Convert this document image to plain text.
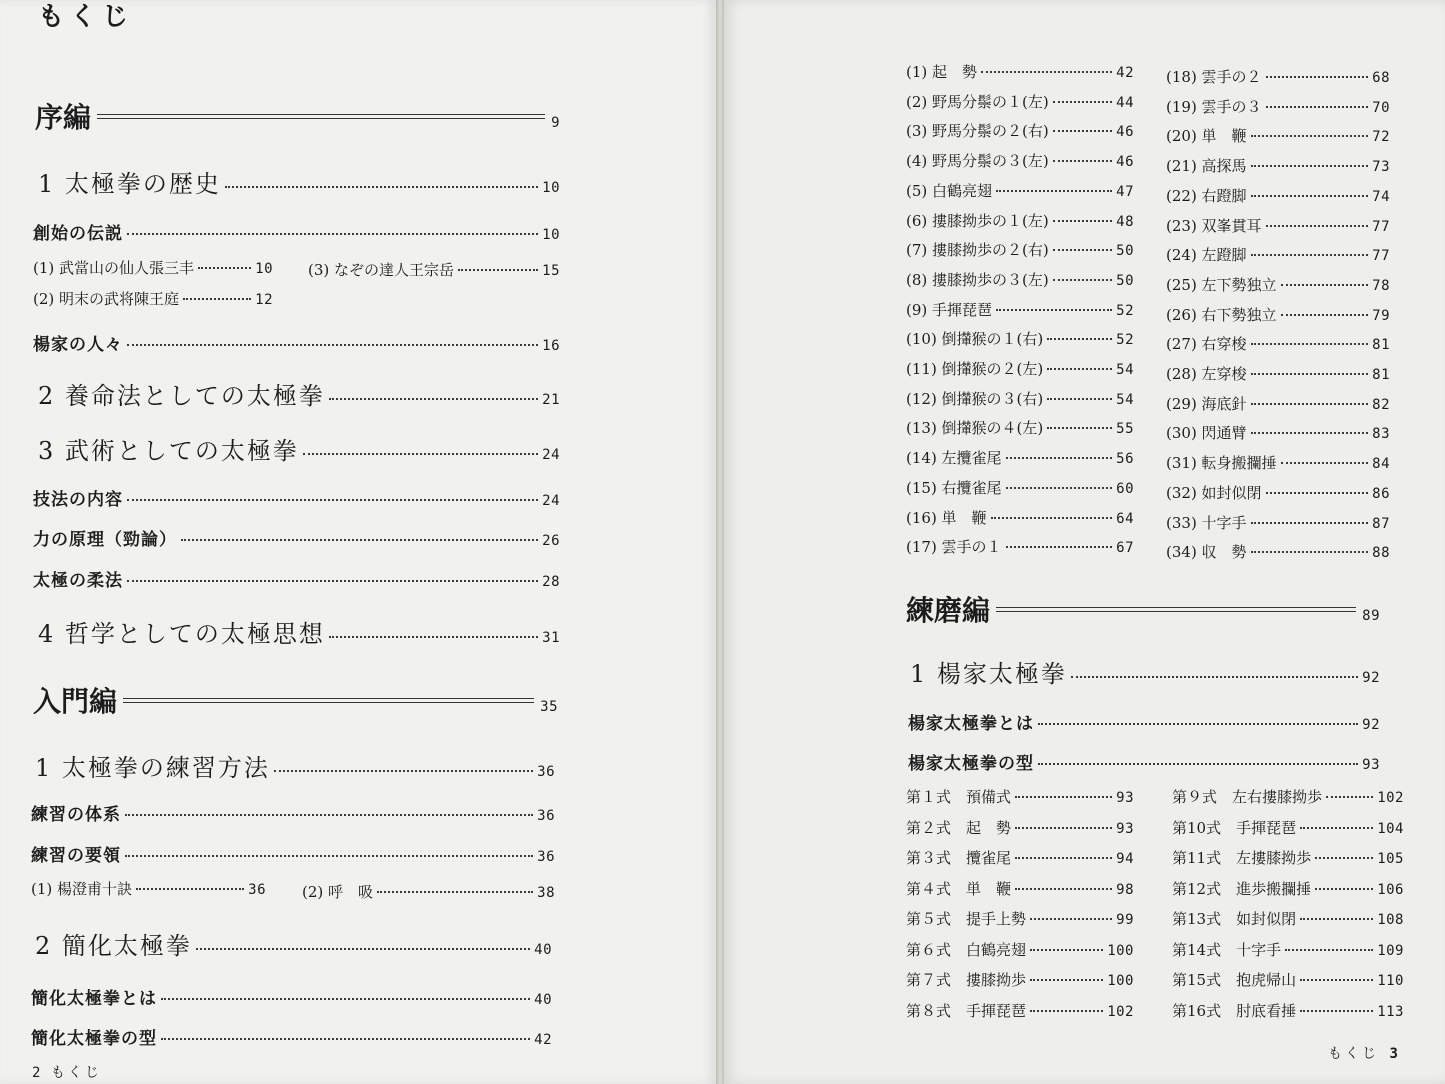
もくじ
序編	9
1 太極拳の歴史	10
創始の伝説	10
(1) 武當山の仙人張三丰	10 (3) なぞの達人王宗岳	15
(2) 明末の武将陳王庭	12
楊家の人々	16
2 養命法としての太極拳	21
3 武術としての太極拳	24
技法の内容	24
力の原理（勁論）	26
太極の柔法	28
4 哲学としての太極思想	31
入門編	35
1 太極拳の練習方法	36
練習の体系	36
練習の要領	36
(1) 楊澄甫十訣	36 (2) 呼　吸	38
2 簡化太極拳	40
簡化太極拳とは	40
簡化太極拳の型	42
2 もくじ
(1) 起　勢	42
(2) 野馬分鬃の１(左)	44
(3) 野馬分鬃の２(右)	46
(4) 野馬分鬃の３(左)	46
(5) 白鶴亮翅	47
(6) 摟膝拗歩の１(左)	48
(7) 摟膝拗歩の２(右)	50
(8) 摟膝拗歩の３(左)	50
(9) 手揮琵琶	52
(10) 倒攆猴の１(右)	52
(11) 倒攆猴の２(左)	54
(12) 倒攆猴の３(右)	54
(13) 倒攆猴の４(左)	55
(14) 左攬雀尾	56
(15) 右攬雀尾	60
(16) 単　鞭	64
(17) 雲手の１	67
(18) 雲手の２	68
(19) 雲手の３	70
(20) 単　鞭	72
(21) 高探馬	73
(22) 右蹬脚	74
(23) 双峯貫耳	77
(24) 左蹬脚	77
(25) 左下勢独立	78
(26) 右下勢独立	79
(27) 右穿梭	81
(28) 左穿梭	81
(29) 海底針	82
(30) 閃通臂	83
(31) 転身搬攔捶	84
(32) 如封似閉	86
(33) 十字手	87
(34) 収　勢	88
練磨編	89
1 楊家太極拳	92
楊家太極拳とは	92
楊家太極拳の型	93
第１式　預備式	93
第２式　起　勢	93
第３式　攬雀尾	94
第４式　単　鞭	98
第５式　提手上勢	99
第６式　白鶴亮翅	100
第７式　摟膝拗歩	100
第８式　手揮琵琶	102
第９式　左右摟膝拗歩	102
第10式　手揮琵琶	104
第11式　左摟膝拗歩	105
第12式　進歩搬攔捶	106
第13式　如封似閉	108
第14式　十字手	109
第15式　抱虎帰山	110
第16式　肘底看捶	113
もくじ 3
